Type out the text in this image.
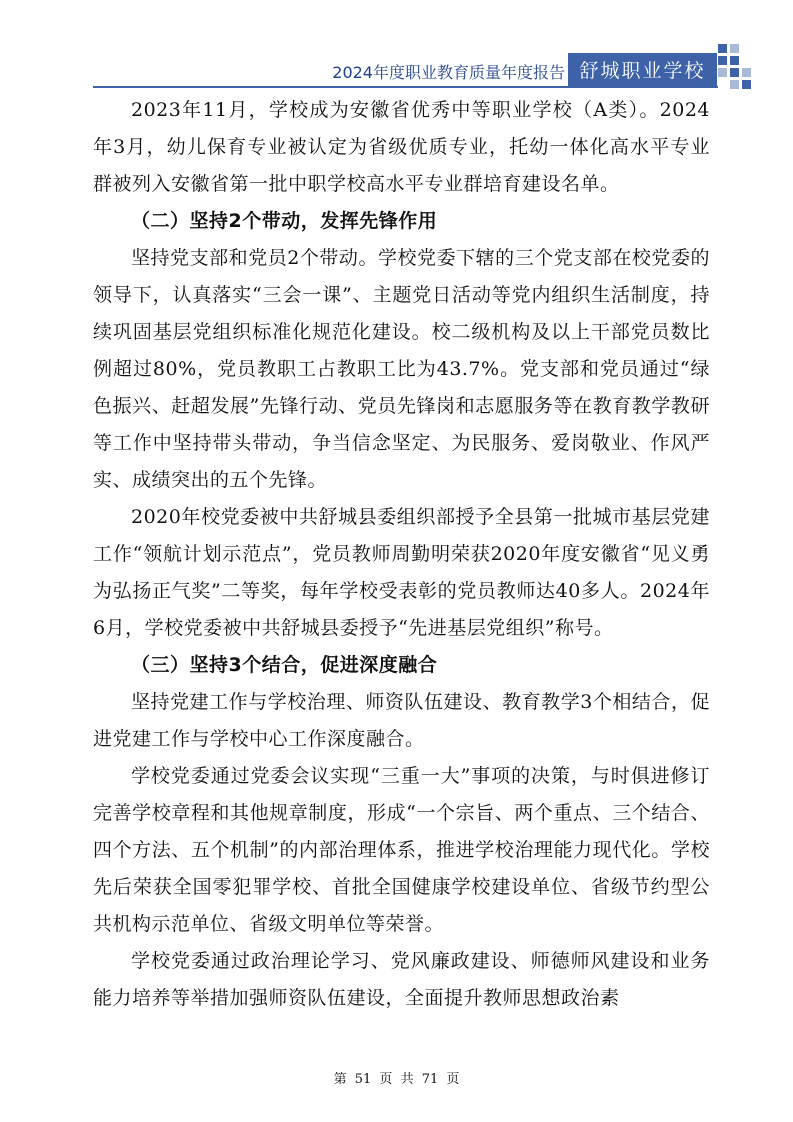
2024年度职业教育质量年度报告 舒城职业学校

2023年11月，学校成为安徽省优秀中等职业学校（A类）。2024年3月，幼儿保育专业被认定为省级优质专业，托幼一体化高水平专业群被列入安徽省第一批中职学校高水平专业群培育建设名单。

（二）坚持2个带动，发挥先锋作用

坚持党支部和党员2个带动。学校党委下辖的三个党支部在校党委的领导下，认真落实“三会一课”、主题党日活动等党内组织生活制度，持续巩固基层党组织标准化规范化建设。校二级机构及以上干部党员数比例超过80%，党员教职工占教职工比为43.7%。党支部和党员通过“绿色振兴、赶超发展”先锋行动、党员先锋岗和志愿服务等在教育教学教研等工作中坚持带头带动，争当信念坚定、为民服务、爱岗敬业、作风严实、成绩突出的五个先锋。

2020年校党委被中共舒城县委组织部授予全县第一批城市基层党建工作“领航计划示范点”，党员教师周勤明荣获2020年度安徽省“见义勇为弘扬正气奖”二等奖，每年学校受表彰的党员教师达40多人。2024年6月，学校党委被中共舒城县委授予“先进基层党组织”称号。

（三）坚持3个结合，促进深度融合

坚持党建工作与学校治理、师资队伍建设、教育教学3个相结合，促进党建工作与学校中心工作深度融合。

学校党委通过党委会议实现“三重一大”事项的决策，与时俱进修订完善学校章程和其他规章制度，形成“一个宗旨、两个重点、三个结合、四个方法、五个机制”的内部治理体系，推进学校治理能力现代化。学校先后荣获全国零犯罪学校、首批全国健康学校建设单位、省级节约型公共机构示范单位、省级文明单位等荣誉。

学校党委通过政治理论学习、党风廉政建设、师德师风建设和业务能力培养等举措加强师资队伍建设，全面提升教师思想政治素

第 51 页 共 71 页
